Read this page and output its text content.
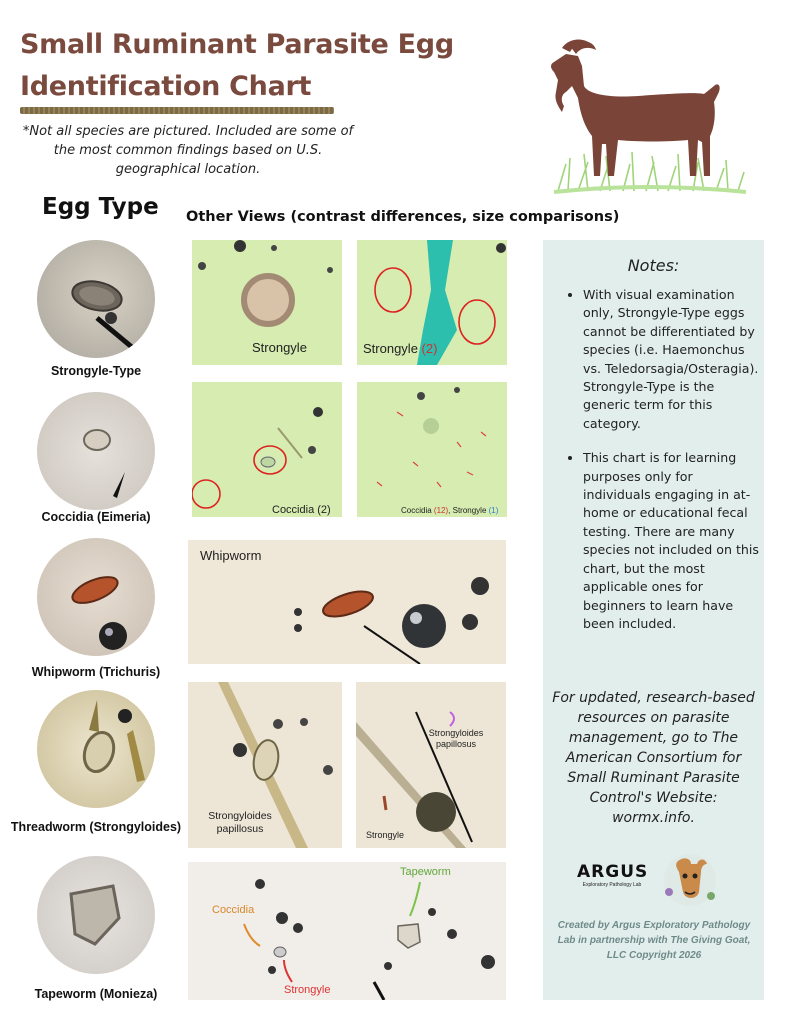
Small Ruminant Parasite Egg
Identification Chart
*Not all species are pictured. Included are some of the most common findings based on U.S. geographical location.
Egg Type Other Views (contrast differences, size comparisons)
Strongyle-Type
Coccidia (Eimeria)
Whipworm (Trichuris)
Threadworm (Strongyloides)
Tapeworm (Monieza)
Strongyle	Strongyle (2)
Coccidia (2)	Coccidia (12), Strongyle (1)
Whipworm
Strongyloides papillosus
Strongyloides papillosus
Strongyle
Tapeworm
Coccidia
Strongyle
Notes:
• With visual examination only, Strongyle-Type eggs cannot be differentiated by species (i.e. Haemonchus vs. Teledorsagia/Osteragia). Strongyle-Type is the generic term for this category.
• This chart is for learning purposes only for individuals engaging in at-home or educational fecal testing. There are many species not included on this chart, but the most applicable ones for beginners to learn have been included.
For updated, research-based resources on parasite management, go to The American Consortium for Small Ruminant Parasite Control's Website: wormx.info.
ARGUS
Exploratory Pathology Lab
Created by Argus Exploratory Pathology Lab in partnership with The Giving Goat, LLC Copyright 2026
